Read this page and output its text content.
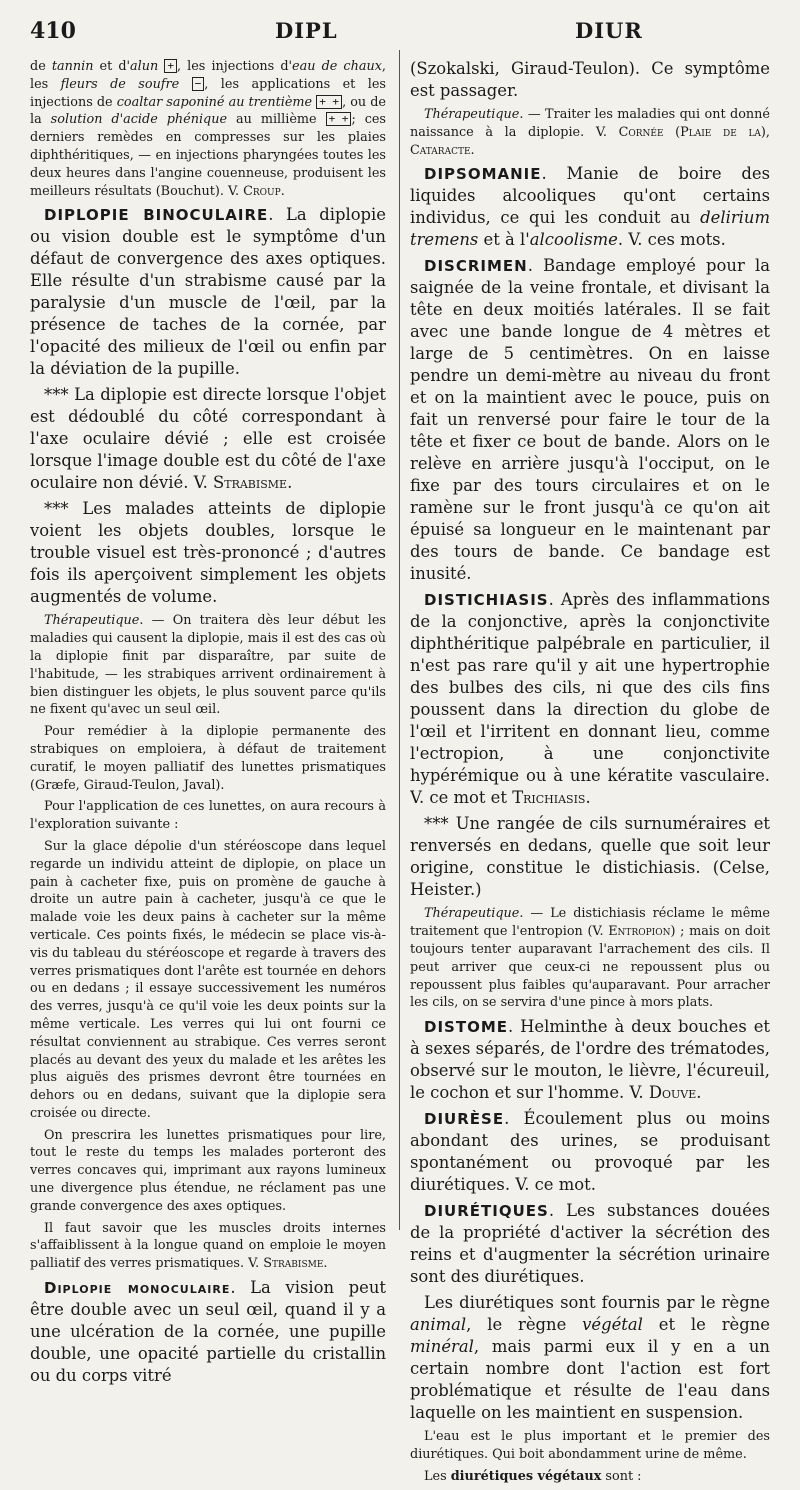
410	DIPL	DIUR

de tannin et d'alun + , les injections d'eau de chaux, les fleurs de soufre − , les applications et les injections de coaltar saponiné au trentième + + , ou de la solution d'acide phénique au millième + + ; ces derniers remèdes en compresses sur les plaies diphthéritiques, — en injections pharyngées toutes les deux heures dans l'angine couenneuse, produisent les meilleurs résultats (Bouchut). V. Croup.

DIPLOPIE BINOCULAIRE. La diplopie ou vision double est le symptôme d'un défaut de convergence des axes optiques. Elle résulte d'un strabisme causé par la paralysie d'un muscle de l'œil, par la présence de taches de la cornée, par l'opacité des milieux de l'œil ou enfin par la déviation de la pupille.

*** La diplopie est directe lorsque l'objet est dédoublé du côté correspondant à l'axe oculaire dévié ; elle est croisée lorsque l'image double est du côté de l'axe oculaire non dévié. V. Strabisme.

*** Les malades atteints de diplopie voient les objets doubles, lorsque le trouble visuel est très-prononcé ; d'autres fois ils aperçoivent simplement les objets augmentés de volume.

Thérapeutique. — On traitera dès leur début les maladies qui causent la diplopie, mais il est des cas où la diplopie finit par disparaître, par suite de l'habitude, — les strabiques arrivent ordinairement à bien distinguer les objets, le plus souvent parce qu'ils ne fixent qu'avec un seul œil.

Pour remédier à la diplopie permanente des strabiques on emploiera, à défaut de traitement curatif, le moyen palliatif des lunettes prismatiques (Græfe, Giraud-Teulon, Javal).

Pour l'application de ces lunettes, on aura recours à l'exploration suivante :

Sur la glace dépolie d'un stéréoscope dans lequel regarde un individu atteint de diplopie, on place un pain à cacheter fixe, puis on promène de gauche à droite un autre pain à cacheter, jusqu'à ce que le malade voie les deux pains à cacheter sur la même verticale. Ces points fixés, le médecin se place vis-à-vis du tableau du stéréoscope et regarde à travers des verres prismatiques dont l'arête est tournée en dehors ou en dedans ; il essaye successivement les numéros des verres, jusqu'à ce qu'il voie les deux points sur la même verticale. Les verres qui lui ont fourni ce résultat conviennent au strabique. Ces verres seront placés au devant des yeux du malade et les arêtes les plus aiguës des prismes devront être tournées en dehors ou en dedans, suivant que la diplopie sera croisée ou directe.

On prescrira les lunettes prismatiques pour lire, tout le reste du temps les malades porteront des verres concaves qui, imprimant aux rayons lumineux une divergence plus étendue, ne réclament pas une grande convergence des axes optiques.

Il faut savoir que les muscles droits internes s'affaiblissent à la longue quand on emploie le moyen palliatif des verres prismatiques. V. Strabisme.

Diplopie monoculaire. La vision peut être double avec un seul œil, quand il y a une ulcération de la cornée, une pupille double, une opacité partielle du cristallin ou du corps vitré

(Szokalski, Giraud-Teulon). Ce symptôme est passager.

Thérapeutique. — Traiter les maladies qui ont donné naissance à la diplopie. V. Cornée (Plaie de la), Cataracte.

DIPSOMANIE. Manie de boire des liquides alcooliques qu'ont certains individus, ce qui les conduit au delirium tremens et à l'alcoolisme. V. ces mots.

DISCRIMEN. Bandage employé pour la saignée de la veine frontale, et divisant la tête en deux moitiés latérales. Il se fait avec une bande longue de 4 mètres et large de 5 centimètres. On en laisse pendre un demi-mètre au niveau du front et on la maintient avec le pouce, puis on fait un renversé pour faire le tour de la tête et fixer ce bout de bande. Alors on le relève en arrière jusqu'à l'occiput, on le fixe par des tours circulaires et on le ramène sur le front jusqu'à ce qu'on ait épuisé sa longueur en le maintenant par des tours de bande. Ce bandage est inusité.

DISTICHIASIS. Après des inflammations de la conjonctive, après la conjonctivite diphthéritique palpébrale en particulier, il n'est pas rare qu'il y ait une hypertrophie des bulbes des cils, ni que des cils fins poussent dans la direction du globe de l'œil et l'irritent en donnant lieu, comme l'ectropion, à une conjonctivite hypérémique ou à une kératite vasculaire. V. ce mot et Trichiasis.

*** Une rangée de cils surnuméraires et renversés en dedans, quelle que soit leur origine, constitue le distichiasis. (Celse, Heister.)

Thérapeutique. — Le distichiasis réclame le même traitement que l'entropion (V. Entropion) ; mais on doit toujours tenter auparavant l'arrachement des cils. Il peut arriver que ceux-ci ne repoussent plus ou repoussent plus faibles qu'auparavant. Pour arracher les cils, on se servira d'une pince à mors plats.

DISTOME. Helminthe à deux bouches et à sexes séparés, de l'ordre des trématodes, observé sur le mouton, le lièvre, l'écureuil, le cochon et sur l'homme. V. Douve.

DIURÈSE. Écoulement plus ou moins abondant des urines, se produisant spontanément ou provoqué par les diurétiques. V. ce mot.

DIURÉTIQUES. Les substances douées de la propriété d'activer la sécrétion des reins et d'augmenter la sécrétion urinaire sont des diurétiques.

Les diurétiques sont fournis par le règne animal, le règne végétal et le règne minéral, mais parmi eux il y en a un certain nombre dont l'action est fort problématique et résulte de l'eau dans laquelle on les maintient en suspension.

L'eau est le plus important et le premier des diurétiques. Qui boit abondamment urine de même.

Les diurétiques végétaux sont :
